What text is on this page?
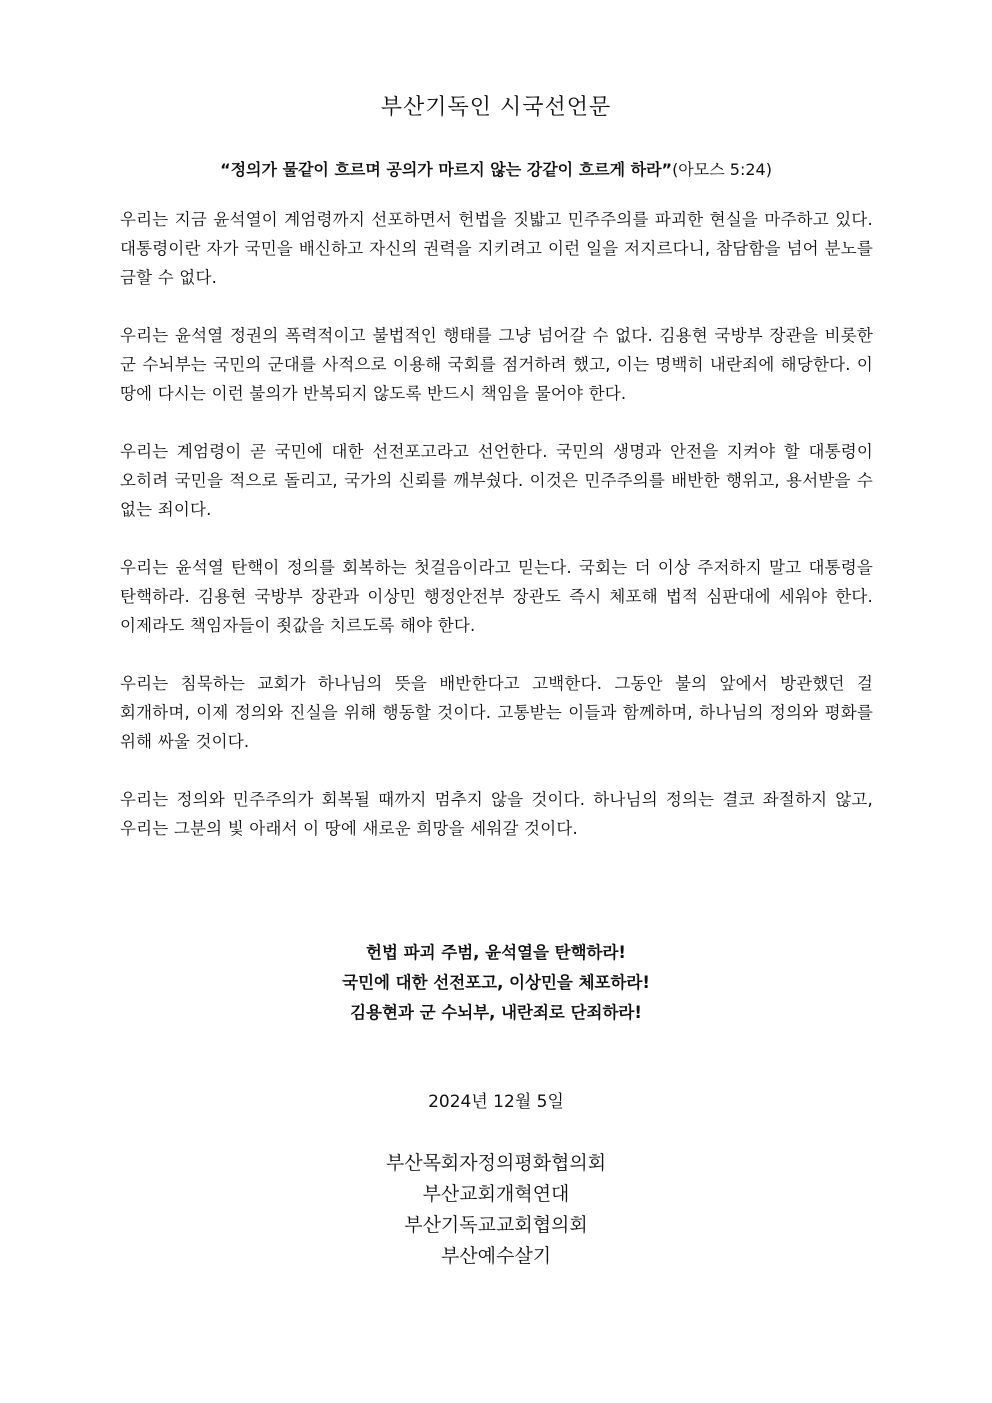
부산기독인 시국선언문
“정의가 물같이 흐르며 공의가 마르지 않는 강같이 흐르게 하라”(아모스 5:24)

우리는 지금 윤석열이 계엄령까지 선포하면서 헌법을 짓밟고 민주주의를 파괴한 현실을 마주하고 있다. 대통령이란 자가 국민을 배신하고 자신의 권력을 지키려고 이런 일을 저지르다니, 참담함을 넘어 분노를 금할 수 없다.

우리는 윤석열 정권의 폭력적이고 불법적인 행태를 그냥 넘어갈 수 없다. 김용현 국방부 장관을 비롯한 군 수뇌부는 국민의 군대를 사적으로 이용해 국회를 점거하려 했고, 이는 명백히 내란죄에 해당한다. 이 땅에 다시는 이런 불의가 반복되지 않도록 반드시 책임을 물어야 한다.

우리는 계엄령이 곧 국민에 대한 선전포고라고 선언한다. 국민의 생명과 안전을 지켜야 할 대통령이 오히려 국민을 적으로 돌리고, 국가의 신뢰를 깨부쉈다. 이것은 민주주의를 배반한 행위고, 용서받을 수 없는 죄이다.

우리는 윤석열 탄핵이 정의를 회복하는 첫걸음이라고 믿는다. 국회는 더 이상 주저하지 말고 대통령을 탄핵하라. 김용현 국방부 장관과 이상민 행정안전부 장관도 즉시 체포해 법적 심판대에 세워야 한다. 이제라도 책임자들이 죗값을 치르도록 해야 한다.

우리는 침묵하는 교회가 하나님의 뜻을 배반한다고 고백한다. 그동안 불의 앞에서 방관했던 걸 회개하며, 이제 정의와 진실을 위해 행동할 것이다. 고통받는 이들과 함께하며, 하나님의 정의와 평화를 위해 싸울 것이다.

우리는 정의와 민주주의가 회복될 때까지 멈추지 않을 것이다. 하나님의 정의는 결코 좌절하지 않고, 우리는 그분의 빛 아래서 이 땅에 새로운 희망을 세워갈 것이다.

헌법 파괴 주범, 윤석열을 탄핵하라!
국민에 대한 선전포고, 이상민을 체포하라!
김용현과 군 수뇌부, 내란죄로 단죄하라!
2024년 12월 5일
부산목회자정의평화협의회
부산교회개혁연대
부산기독교교회협의회
부산예수살기
